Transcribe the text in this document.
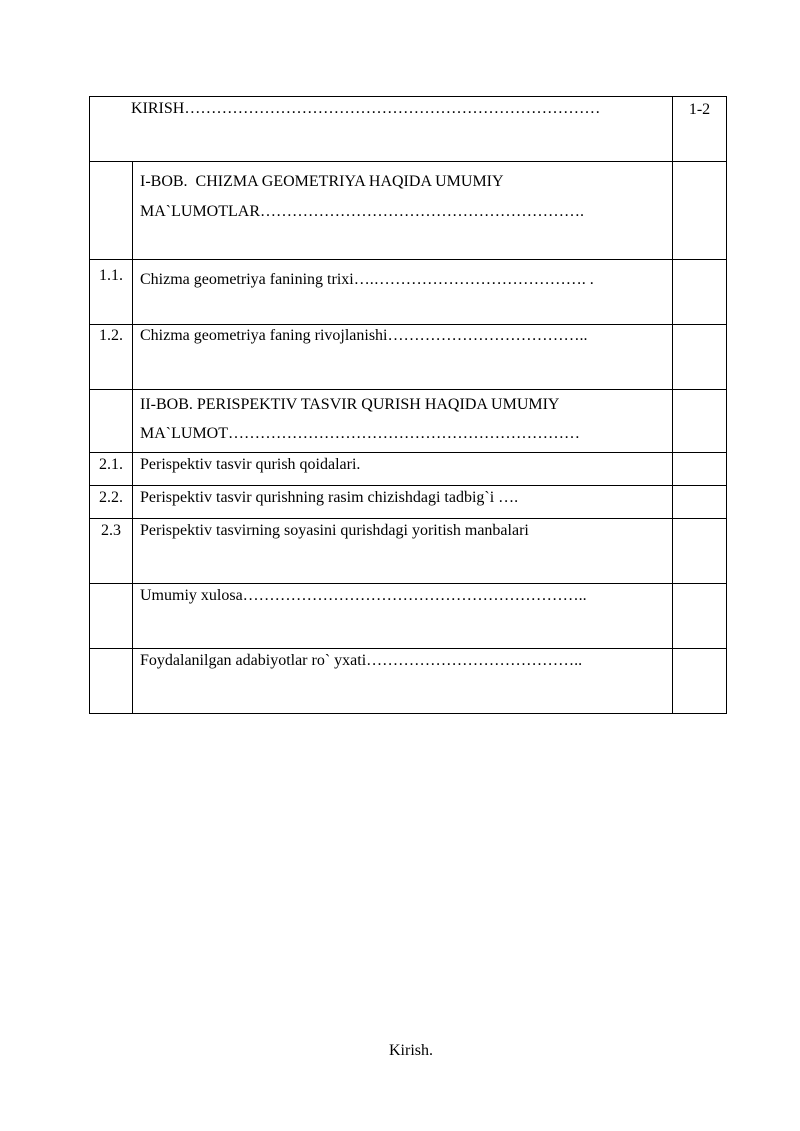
KIRISH……………………………………………………………………		1-2
	I-BOB.  CHIZMA GEOMETRIYA HAQIDA UMUMIY MA`LUMOTLAR…………………………………………………….	
1.1.	Chizma geometriya fanining trixi….…………………………………. .	
1.2.	Chizma geometriya faning rivojlanishi………………………………..	
	II-BOB. PERISPEKTIV TASVIR QURISH HAQIDA UMUMIY MA`LUMOT…………………………………………………………	
2.1.	Perispektiv tasvir qurish qoidalari.	
2.2.	Perispektiv tasvir qurishning rasim chizishdagi tadbig`i ….	
2.3	Perispektiv tasvirning soyasini qurishdagi yoritish manbalari	
	Umumiy xulosa………………………………………………………..	
	Foydalanilgan adabiyotlar ro` yxati…………………………………..	
Kirish.
